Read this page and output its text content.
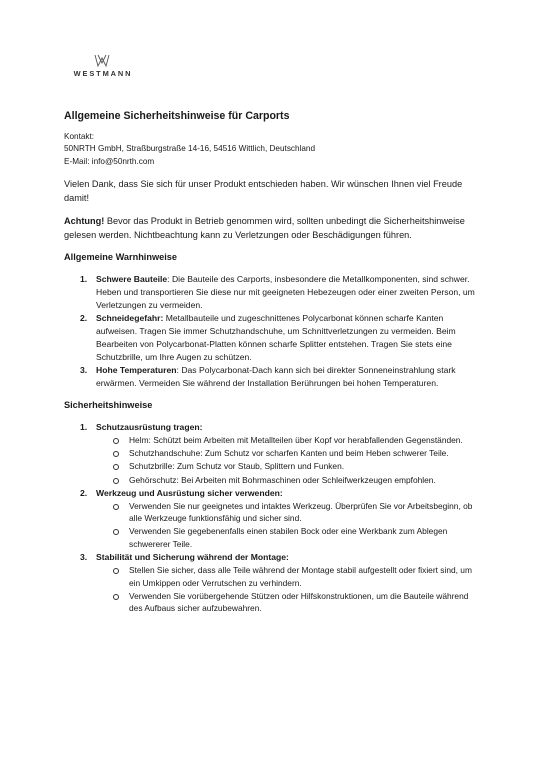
WESTMANN
Allgemeine Sicherheitshinweise für Carports
Kontakt:
50NRTH GmbH, Straßburgstraße 14-16, 54516 Wittlich, Deutschland
E-Mail: info@50nrth.com

Vielen Dank, dass Sie sich für unser Produkt entschieden haben. Wir wünschen Ihnen viel Freude damit!

Achtung! Bevor das Produkt in Betrieb genommen wird, sollten unbedingt die Sicherheitshinweise gelesen werden. Nichtbeachtung kann zu Verletzungen oder Beschädigungen führen.

Allgemeine Warnhinweise
1. Schwere Bauteile: Die Bauteile des Carports, insbesondere die Metallkomponenten, sind schwer. Heben und transportieren Sie diese nur mit geeigneten Hebezeugen oder einer zweiten Person, um Verletzungen zu vermeiden.
2. Schneidegefahr: Metallbauteile und zugeschnittenes Polycarbonat können scharfe Kanten aufweisen. Tragen Sie immer Schutzhandschuhe, um Schnittverletzungen zu vermeiden. Beim Bearbeiten von Polycarbonat-Platten können scharfe Splitter entstehen. Tragen Sie stets eine Schutzbrille, um Ihre Augen zu schützen.
3. Hohe Temperaturen: Das Polycarbonat-Dach kann sich bei direkter Sonneneinstrahlung stark erwärmen. Vermeiden Sie während der Installation Berührungen bei hohen Temperaturen.
Sicherheitshinweise
1. Schutzausrüstung tragen:
Helm: Schützt beim Arbeiten mit Metallteilen über Kopf vor herabfallenden Gegenständen.
Schutzhandschuhe: Zum Schutz vor scharfen Kanten und beim Heben schwerer Teile.
Schutzbrille: Zum Schutz vor Staub, Splittern und Funken.
Gehörschutz: Bei Arbeiten mit Bohrmaschinen oder Schleifwerkzeugen empfohlen.
2. Werkzeug und Ausrüstung sicher verwenden:
Verwenden Sie nur geeignetes und intaktes Werkzeug. Überprüfen Sie vor Arbeitsbeginn, ob alle Werkzeuge funktionsfähig und sicher sind.
Verwenden Sie gegebenenfalls einen stabilen Bock oder eine Werkbank zum Ablegen schwererer Teile.
3. Stabilität und Sicherung während der Montage:
Stellen Sie sicher, dass alle Teile während der Montage stabil aufgestellt oder fixiert sind, um ein Umkippen oder Verrutschen zu verhindern.
Verwenden Sie vorübergehende Stützen oder Hilfskonstruktionen, um die Bauteile während des Aufbaus sicher aufzubewahren.
